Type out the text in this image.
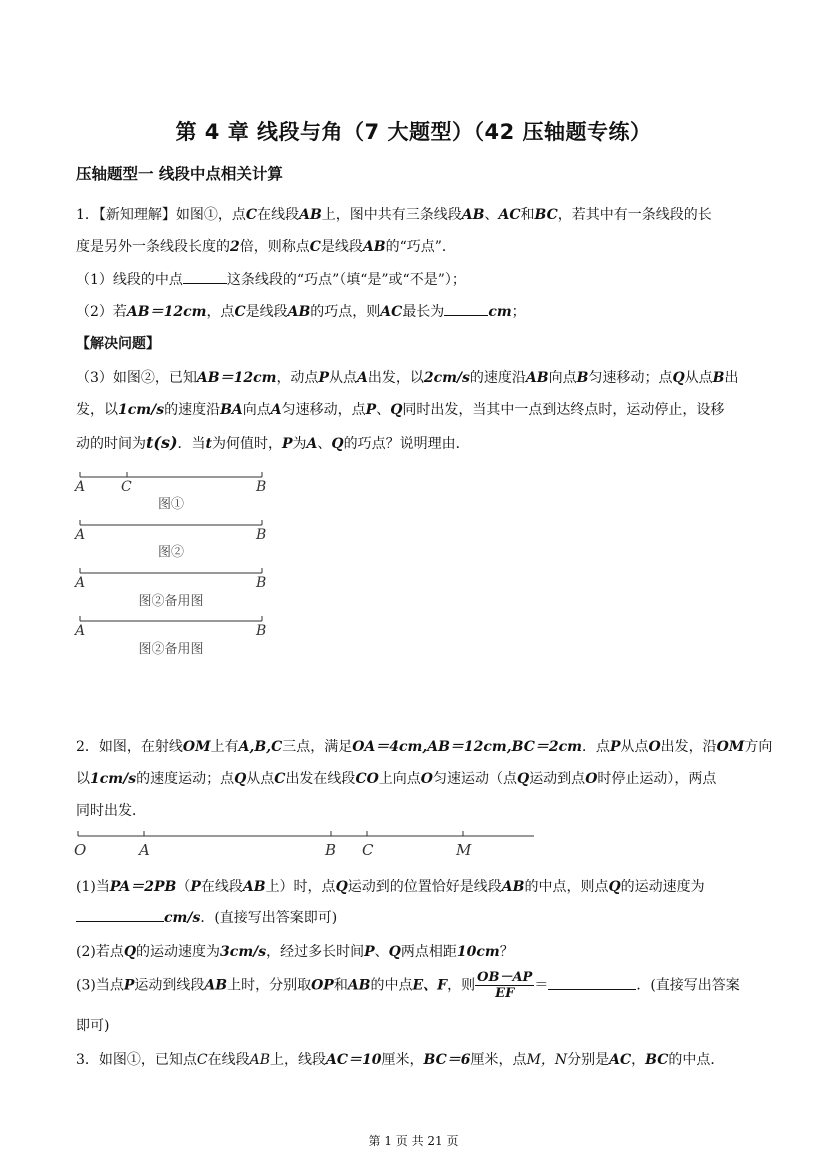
第 4 章 线段与角（7 大题型）（42 压轴题专练）
压轴题型一 线段中点相关计算
1．【新知理解】如图①，点C在线段AB上，图中共有三条线段AB、AC和BC，若其中有一条线段的长
度是另外一条线段长度的2倍，则称点C是线段AB的“巧点”．
（1）线段的中点	这条线段的“巧点”（填“是”或“不是”）；
（2）若AB＝12cm，点C是线段AB的巧点，则AC最长为	cm；
【解决问题】
（3）如图②，已知AB＝12cm，动点P从点A出发，以2cm/s的速度沿AB向点B匀速移动；点Q从点B出
发，以1cm/s的速度沿BA向点A匀速移动，点P、Q同时出发，当其中一点到达终点时，运动停止，设移
动的时间为t(s)．当t为何值时，P为A、Q的巧点？说明理由．
A	C	B
A	B
A	B
A	B
图①
图②
图②备用图
图②备用图
2．如图，在射线OM上有A,B,C三点，满足OA＝4cm,AB＝12cm,BC＝2cm．点P从点O出发，沿OM方向
以1cm/s的速度运动；点Q从点C出发在线段CO上向点O匀速运动（点Q运动到点O时停止运动），两点
同时出发．
O	A	B C	M
(1)当PA＝2PB（P在线段AB上）时，点Q运动到的位置恰好是线段AB的中点，则点Q的运动速度为
cm/s．(直接写出答案即可)
(2)若点Q的运动速度为3cm/s，经过多长时间P、Q两点相距10cm？
(3)当点P运动到线段AB上时，分别取OP和AB的中点E、F，则 $\frac{OB-AP}{EF}$ ＝	．(直接写出答案
即可)
3．如图①，已知点C在线段AB上，线段AC＝10厘米，BC＝6厘米，点M，N分别是AC，BC的中点．
第 1 页 共 21 页
